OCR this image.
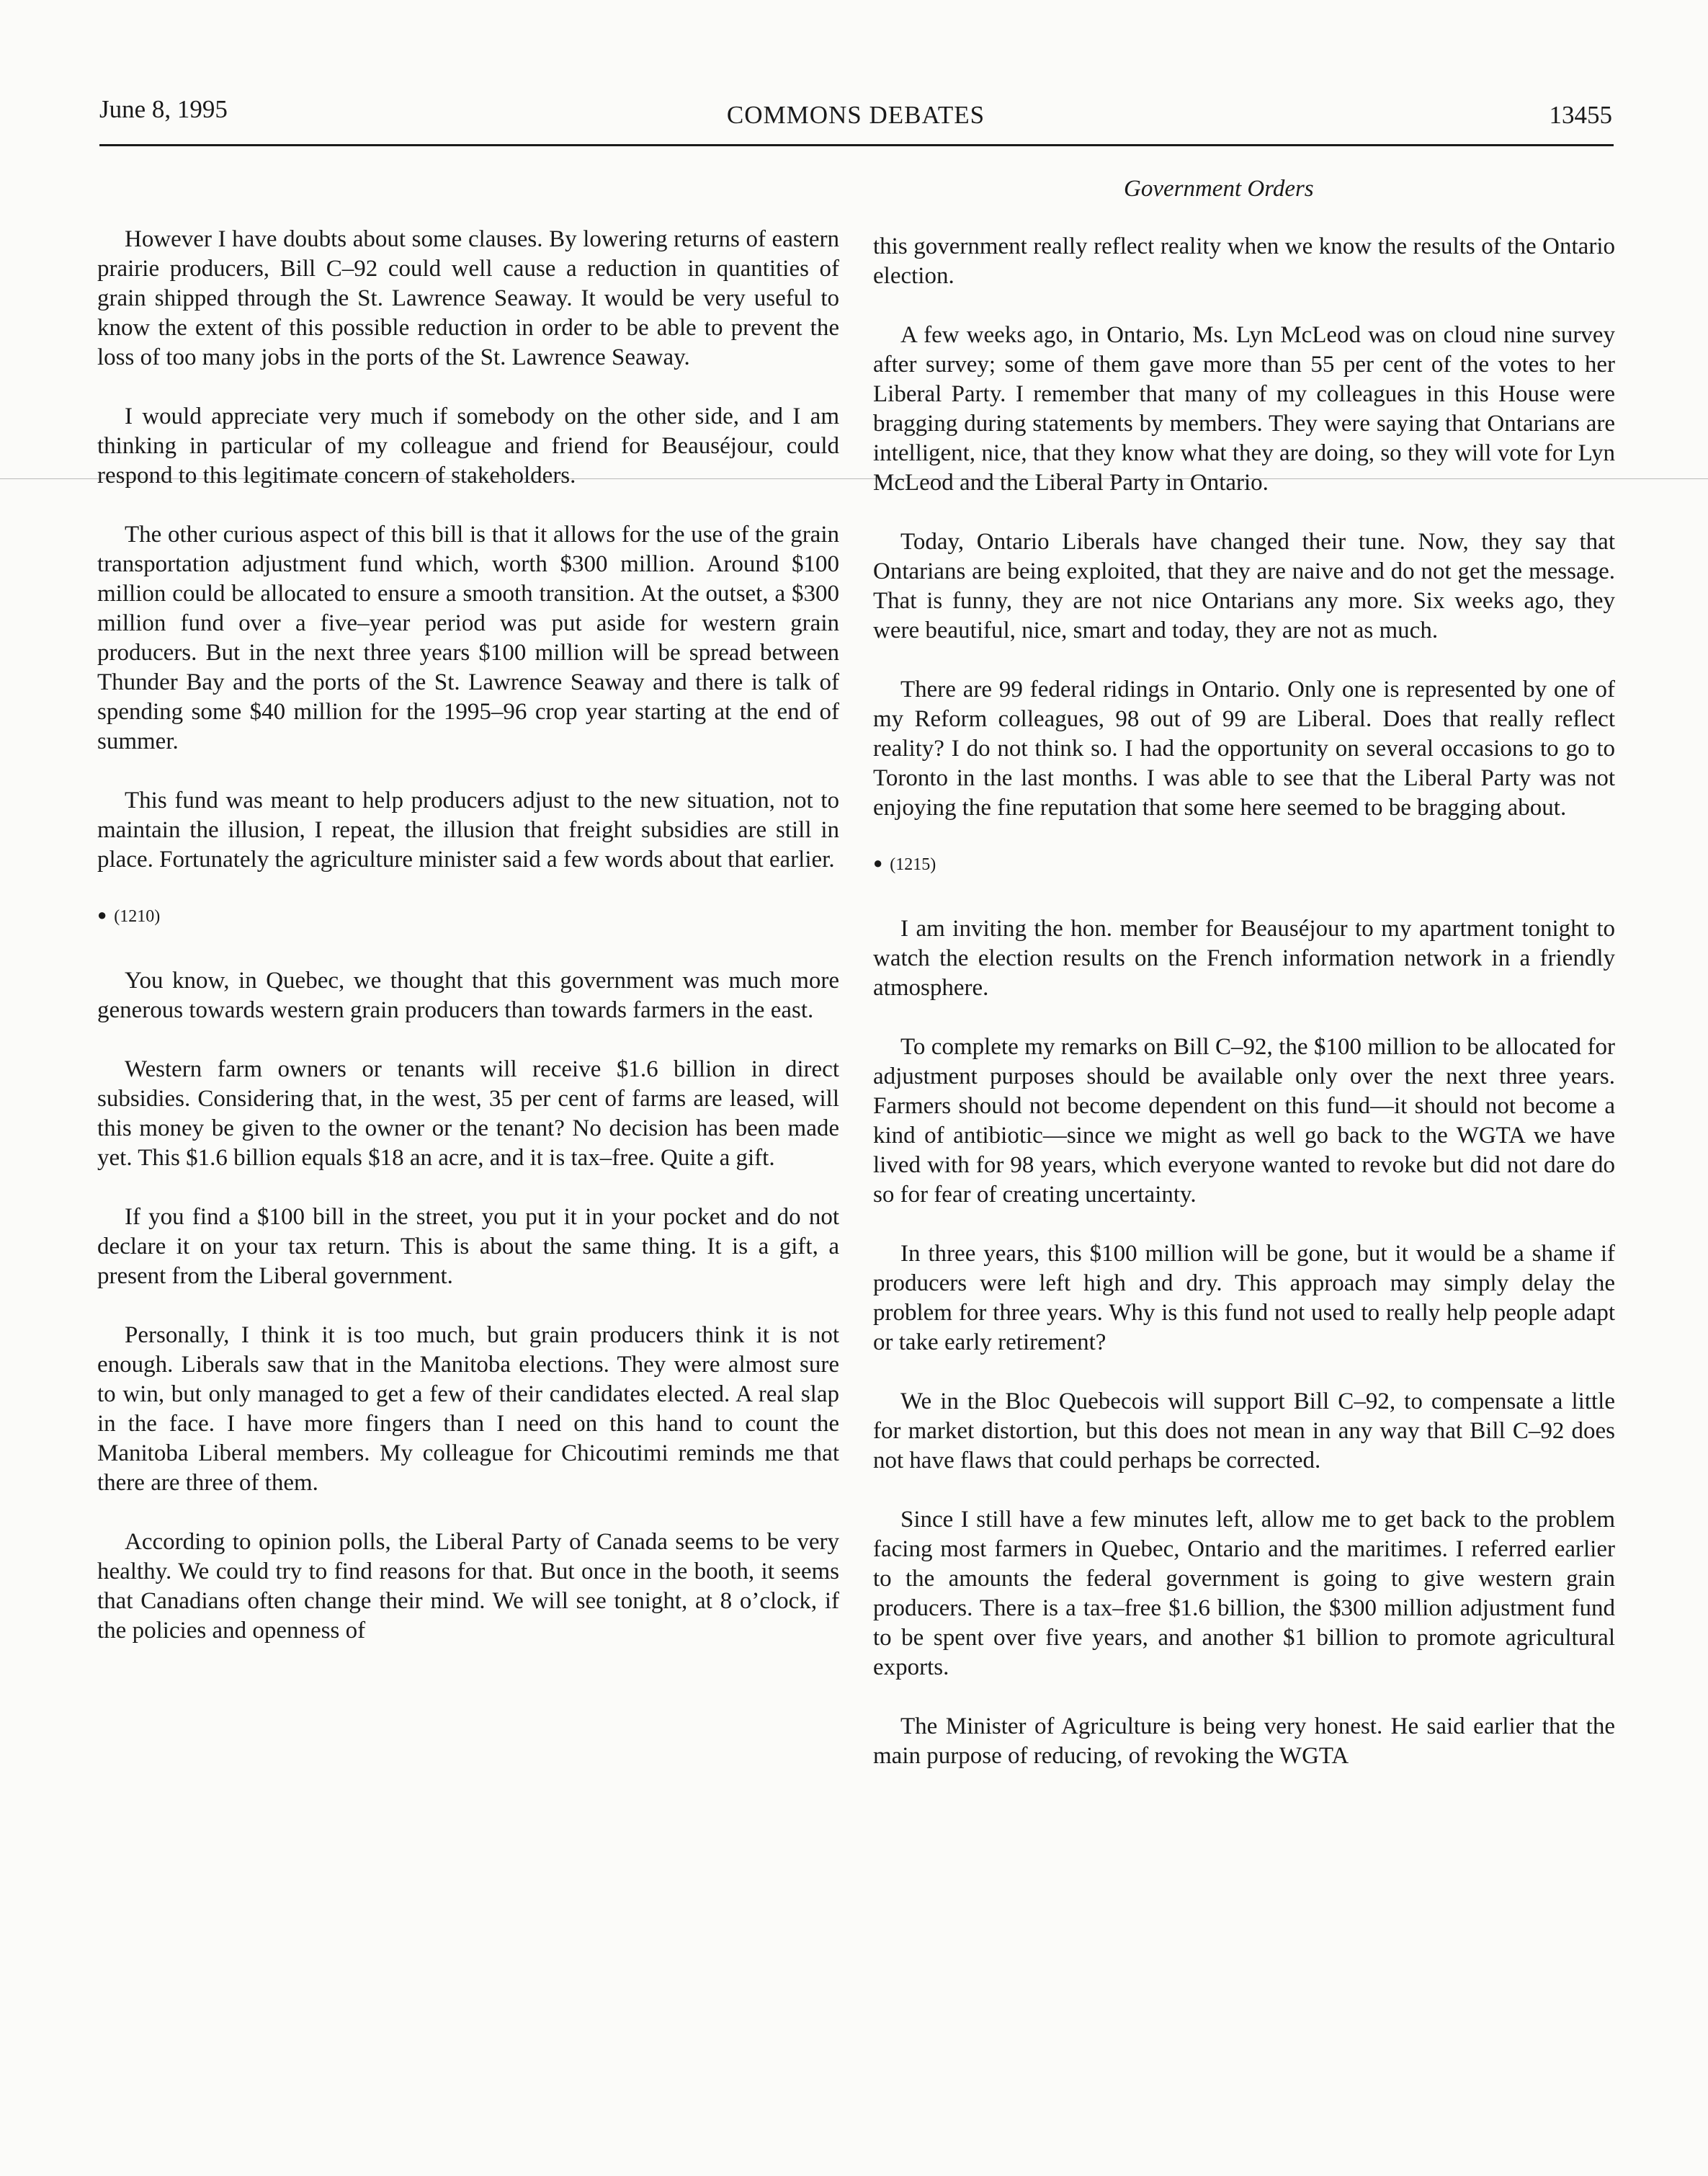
June 8, 1995	COMMONS DEBATES	13455
Government Orders

However I have doubts about some clauses. By lowering returns of eastern prairie producers, Bill C–92 could well cause a reduction in quantities of grain shipped through the St. Lawrence Seaway. It would be very useful to know the extent of this possible reduction in order to be able to prevent the loss of too many jobs in the ports of the St. Lawrence Seaway.

I would appreciate very much if somebody on the other side, and I am thinking in particular of my colleague and friend for Beauséjour, could respond to this legitimate concern of stakeholders.

The other curious aspect of this bill is that it allows for the use of the grain transportation adjustment fund which, worth $300 million. Around $100 million could be allocated to ensure a smooth transition. At the outset, a $300 million fund over a five–year period was put aside for western grain producers. But in the next three years $100 million will be spread between Thunder Bay and the ports of the St. Lawrence Seaway and there is talk of spending some $40 million for the 1995–96 crop year starting at the end of summer.

This fund was meant to help producers adjust to the new situation, not to maintain the illusion, I repeat, the illusion that freight subsidies are still in place. Fortunately the agriculture minister said a few words about that earlier.

● (1210)

You know, in Quebec, we thought that this government was much more generous towards western grain producers than towards farmers in the east.

Western farm owners or tenants will receive $1.6 billion in direct subsidies. Considering that, in the west, 35 per cent of farms are leased, will this money be given to the owner or the tenant? No decision has been made yet. This $1.6 billion equals $18 an acre, and it is tax–free. Quite a gift.

If you find a $100 bill in the street, you put it in your pocket and do not declare it on your tax return. This is about the same thing. It is a gift, a present from the Liberal government.

Personally, I think it is too much, but grain producers think it is not enough. Liberals saw that in the Manitoba elections. They were almost sure to win, but only managed to get a few of their candidates elected. A real slap in the face. I have more fingers than I need on this hand to count the Manitoba Liberal members. My colleague for Chicoutimi reminds me that there are three of them.

According to opinion polls, the Liberal Party of Canada seems to be very healthy. We could try to find reasons for that. But once in the booth, it seems that Canadians often change their mind. We will see tonight, at 8 o’clock, if the policies and openness of

this government really reflect reality when we know the results of the Ontario election.

A few weeks ago, in Ontario, Ms. Lyn McLeod was on cloud nine survey after survey; some of them gave more than 55 per cent of the votes to her Liberal Party. I remember that many of my colleagues in this House were bragging during statements by members. They were saying that Ontarians are intelligent, nice, that they know what they are doing, so they will vote for Lyn McLeod and the Liberal Party in Ontario.

Today, Ontario Liberals have changed their tune. Now, they say that Ontarians are being exploited, that they are naive and do not get the message. That is funny, they are not nice Ontarians any more. Six weeks ago, they were beautiful, nice, smart and today, they are not as much.

There are 99 federal ridings in Ontario. Only one is represented by one of my Reform colleagues, 98 out of 99 are Liberal. Does that really reflect reality? I do not think so. I had the opportunity on several occasions to go to Toronto in the last months. I was able to see that the Liberal Party was not enjoying the fine reputation that some here seemed to be bragging about.

● (1215)

I am inviting the hon. member for Beauséjour to my apartment tonight to watch the election results on the French information network in a friendly atmosphere.

To complete my remarks on Bill C–92, the $100 million to be allocated for adjustment purposes should be available only over the next three years. Farmers should not become dependent on this fund—it should not become a kind of antibiotic—since we might as well go back to the WGTA we have lived with for 98 years, which everyone wanted to revoke but did not dare do so for fear of creating uncertainty.

In three years, this $100 million will be gone, but it would be a shame if producers were left high and dry. This approach may simply delay the problem for three years. Why is this fund not used to really help people adapt or take early retirement?

We in the Bloc Quebecois will support Bill C–92, to compensate a little for market distortion, but this does not mean in any way that Bill C–92 does not have flaws that could perhaps be corrected.

Since I still have a few minutes left, allow me to get back to the problem facing most farmers in Quebec, Ontario and the maritimes. I referred earlier to the amounts the federal government is going to give western grain producers. There is a tax–free $1.6 billion, the $300 million adjustment fund to be spent over five years, and another $1 billion to promote agricultural exports.

The Minister of Agriculture is being very honest. He said earlier that the main purpose of reducing, of revoking the WGTA
